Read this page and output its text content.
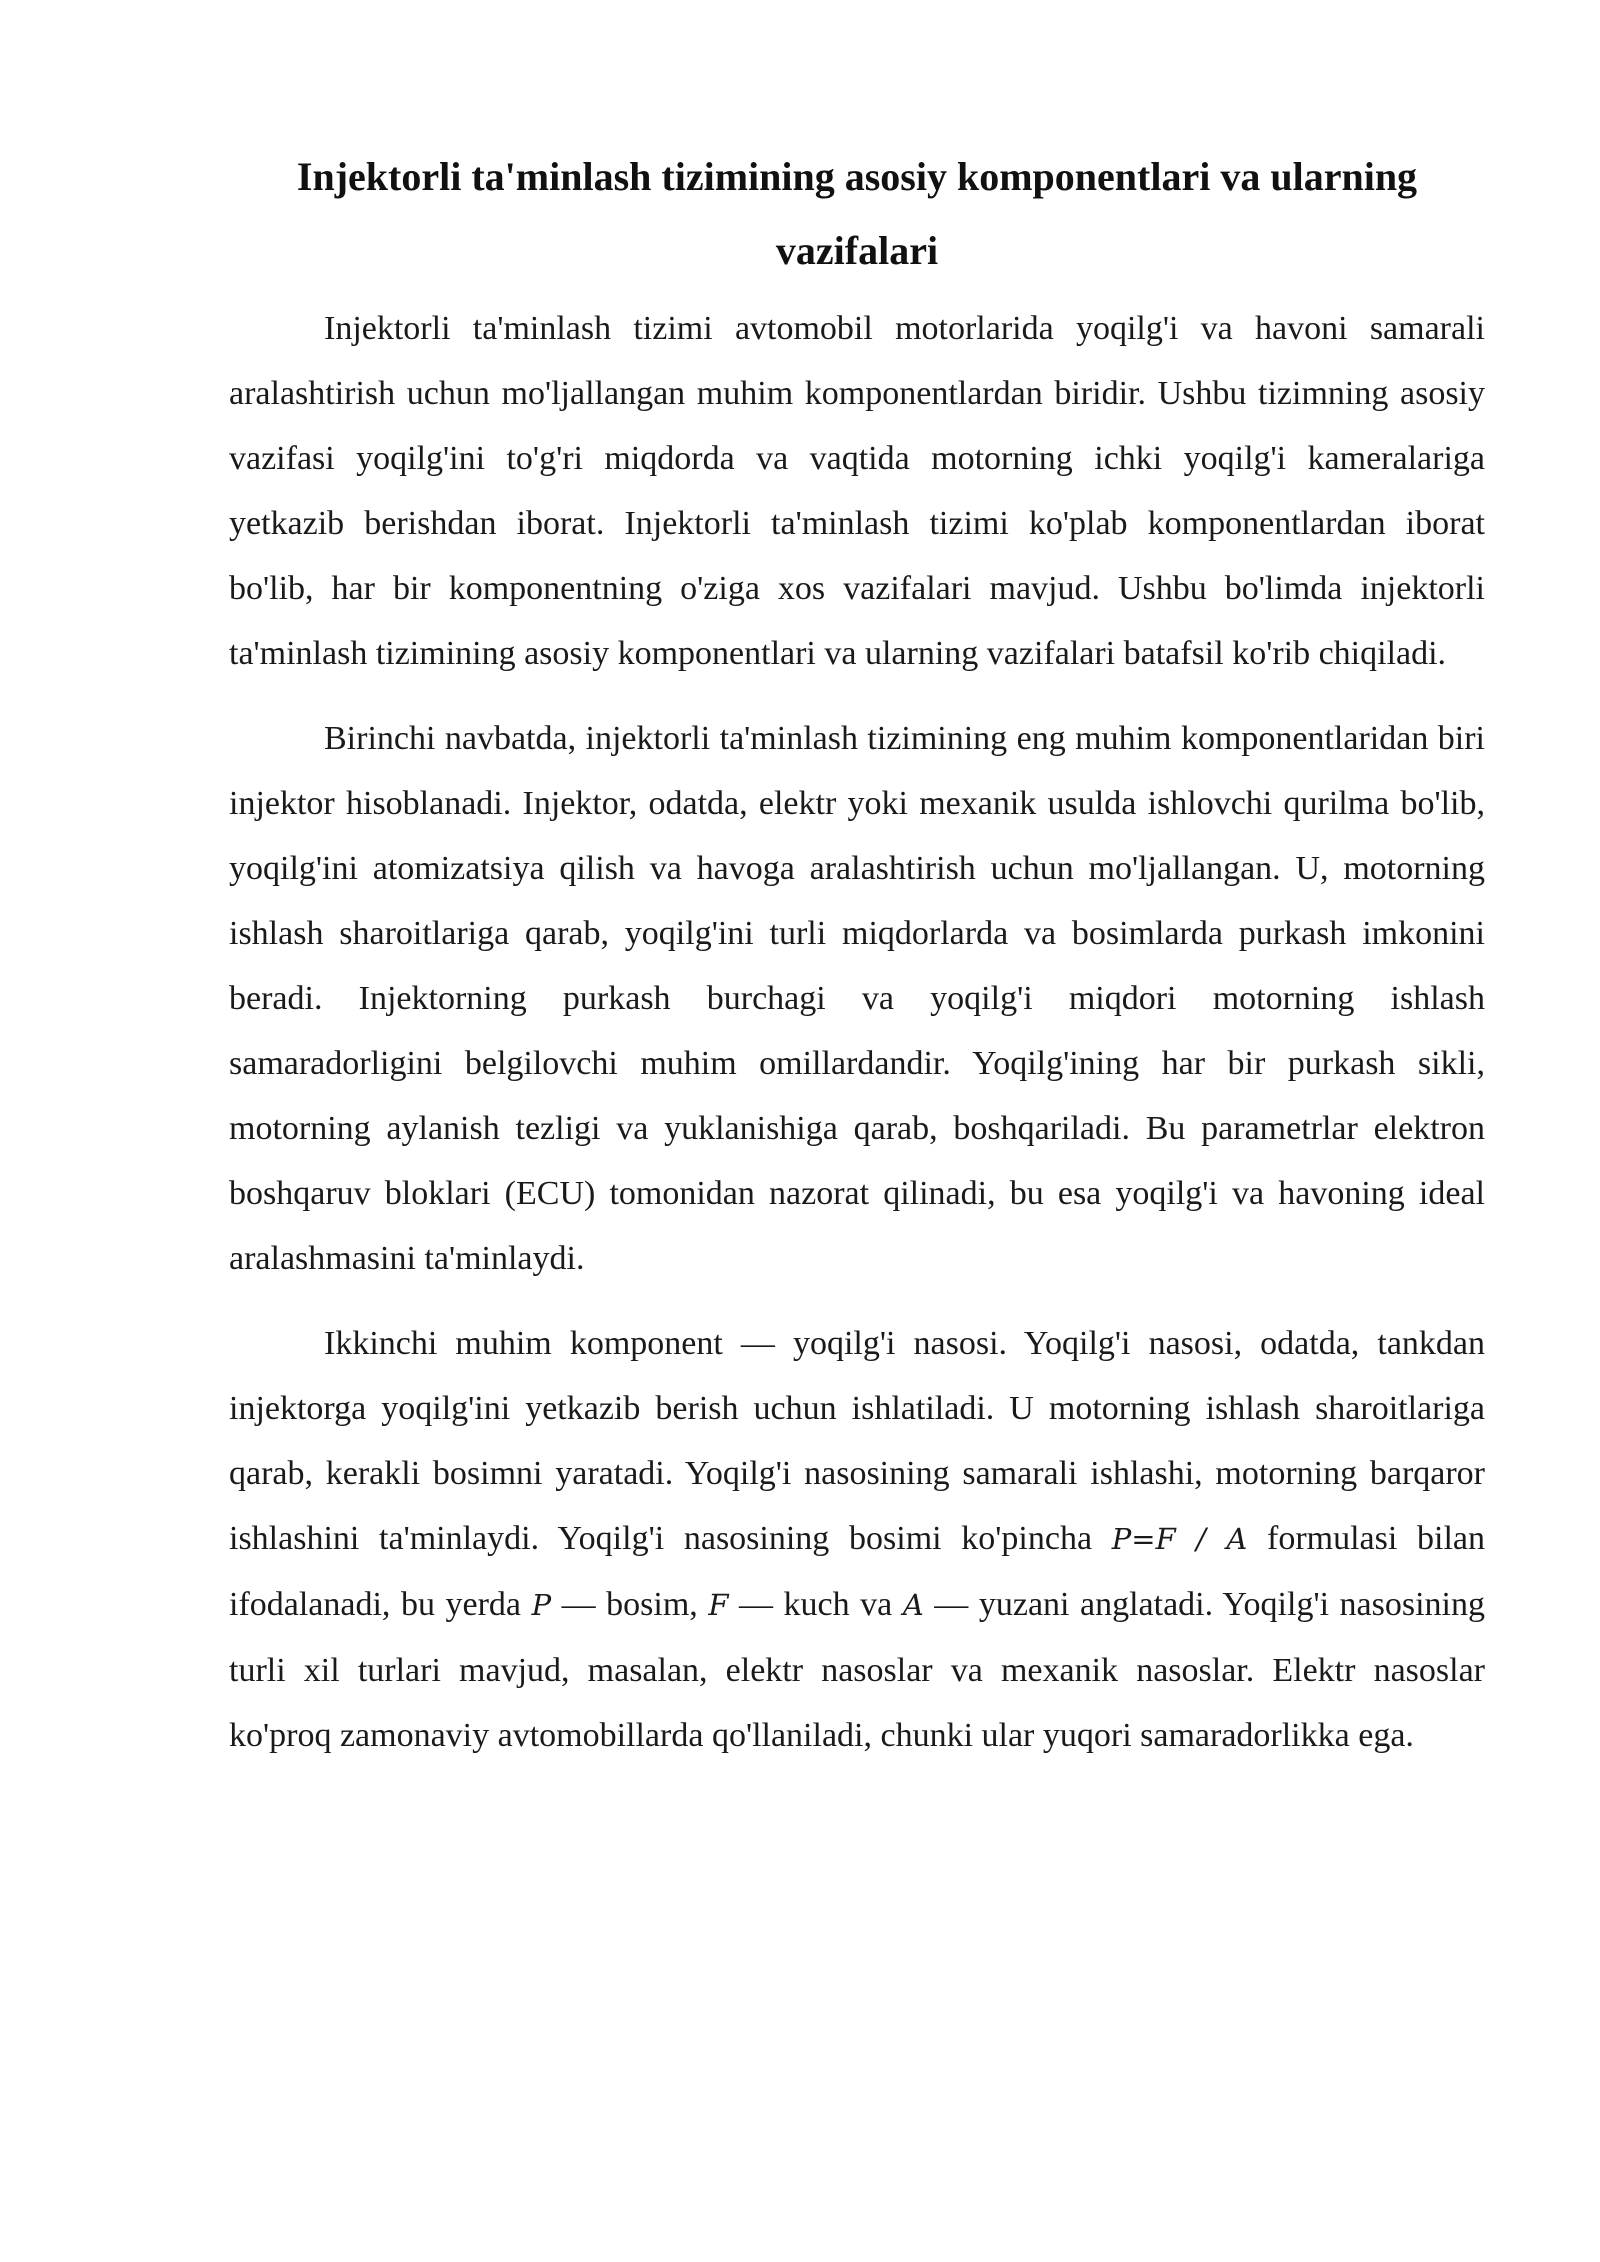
Injektorli ta'minlash tizimining asosiy komponentlari va ularning vazifalari

Injektorli ta'minlash tizimi avtomobil motorlarida yoqilg'i va havoni samarali aralashtirish uchun mo'ljallangan muhim komponentlardan biridir. Ushbu tizimning asosiy vazifasi yoqilg'ini to'g'ri miqdorda va vaqtida motorning ichki yoqilg'i kameralariga yetkazib berishdan iborat. Injektorli ta'minlash tizimi ko'plab komponentlardan iborat bo'lib, har bir komponentning o'ziga xos vazifalari mavjud. Ushbu bo'limda injektorli ta'minlash tizimining asosiy komponentlari va ularning vazifalari batafsil ko'rib chiqiladi.

Birinchi navbatda, injektorli ta'minlash tizimining eng muhim komponentlaridan biri injektor hisoblanadi. Injektor, odatda, elektr yoki mexanik usulda ishlovchi qurilma bo'lib, yoqilg'ini atomizatsiya qilish va havoga aralashtirish uchun mo'ljallangan. U, motorning ishlash sharoitlariga qarab, yoqilg'ini turli miqdorlarda va bosimlarda purkash imkonini beradi. Injektorning purkash burchagi va yoqilg'i miqdori motorning ishlash samaradorligini belgilovchi muhim omillardandir. Yoqilg'ining har bir purkash sikli, motorning aylanish tezligi va yuklanishiga qarab, boshqariladi. Bu parametrlar elektron boshqaruv bloklari (ECU) tomonidan nazorat qilinadi, bu esa yoqilg'i va havoning ideal aralashmasini ta'minlaydi.

Ikkinchi muhim komponent — yoqilg'i nasosi. Yoqilg'i nasosi, odatda, tankdan injektorga yoqilg'ini yetkazib berish uchun ishlatiladi. U motorning ishlash sharoitlariga qarab, kerakli bosimni yaratadi. Yoqilg'i nasosining samarali ishlashi, motorning barqaror ishlashini ta'minlaydi. Yoqilg'i nasosining bosimi ko'pincha P=F / A formulasi bilan ifodalanadi, bu yerda P — bosim, F — kuch va A — yuzani anglatadi. Yoqilg'i nasosining turli xil turlari mavjud, masalan, elektr nasoslar va mexanik nasoslar. Elektr nasoslar ko'proq zamonaviy avtomobillarda qo'llaniladi, chunki ular yuqori samaradorlikka ega.
